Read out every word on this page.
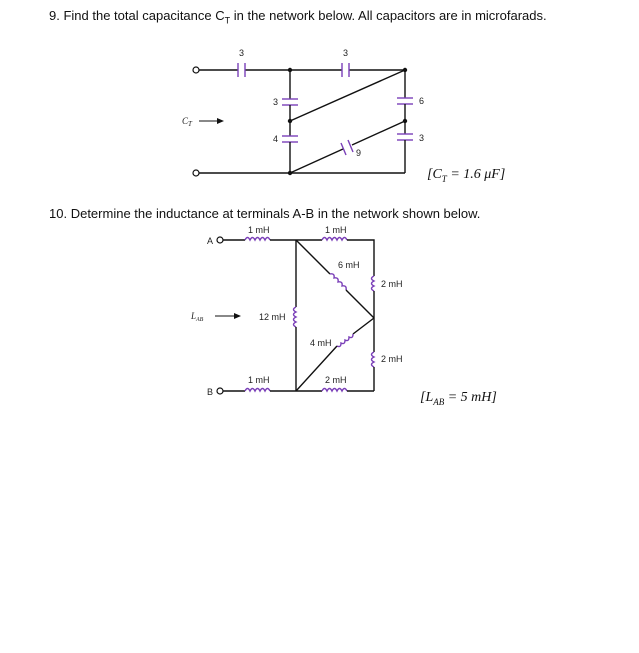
9. Find the total capacitance $C_T$ in the network below. All capacitors are in microfarads.
$C_T$
3	3
3
4
6
3
9
A
B
$L_{AB}$
1 mH	1 mH
1 mH	2 mH
12 mH
6 mH
4 mH
2 mH
2 mH
[$C_T = 1.6$ μF]
10. Determine the inductance at terminals A-B in the network shown below.
[$L_{AB} = 5$ mH]
